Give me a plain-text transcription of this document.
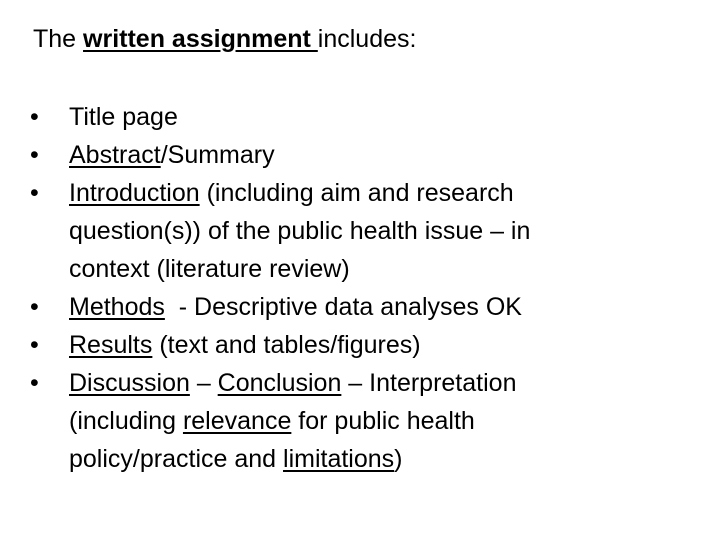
The written assignment includes:
•	Title page
•	Abstract/Summary
•	Introduction (including aim and research
question(s)) of the public health issue – in
context (literature review)
•	Methods  - Descriptive data analyses OK
•	Results (text and tables/figures)
•	Discussion – Conclusion – Interpretation
(including relevance for public health
policy/practice and limitations)
